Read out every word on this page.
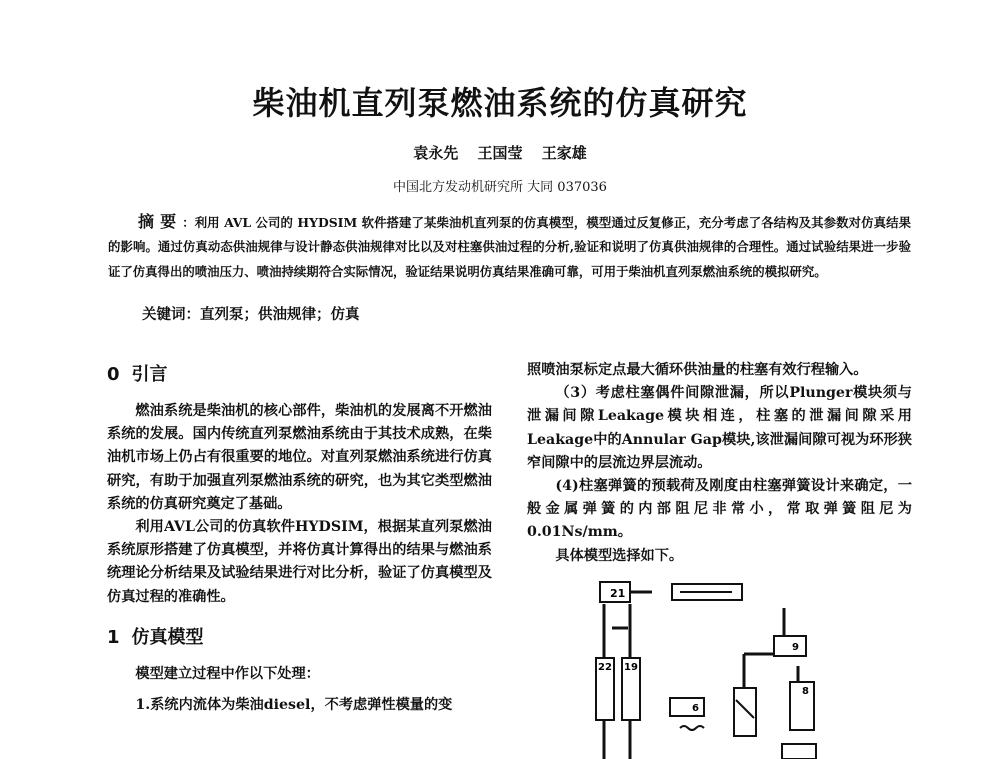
柴油机直列泵燃油系统的仿真研究
袁永先 王国莹 王家雄
中国北方发动机研究所 大同 037036

摘要：利用 AVL 公司的 HYDSIM 软件搭建了某柴油机直列泵的仿真模型，模型通过反复修正，充分考虑了各结构及其参数对仿真结果的影响。通过仿真动态供油规律与设计静态供油规律对比以及对柱塞供油过程的分析,验证和说明了仿真供油规律的合理性。通过试验结果进一步验证了仿真得出的喷油压力、喷油持续期符合实际情况，验证结果说明仿真结果准确可靠，可用于柴油机直列泵燃油系统的模拟研究。

关键词：直列泵；供油规律；仿真
0 引言

燃油系统是柴油机的核心部件，柴油机的发展离不开燃油系统的发展。国内传统直列泵燃油系统由于其技术成熟，在柴油机市场上仍占有很重要的地位。对直列泵燃油系统进行仿真研究，有助于加强直列泵燃油系统的研究，也为其它类型燃油系统的仿真研究奠定了基础。

利用AVL公司的仿真软件HYDSIM，根据某直列泵燃油系统原形搭建了仿真模型，并将仿真计算得出的结果与燃油系统理论分析结果及试验结果进行对比分析，验证了仿真模型及仿真过程的准确性。

1 仿真模型

模型建立过程中作以下处理：

1.系统内流体为柴油diesel，不考虑弹性模量的变

照喷油泵标定点最大循环供油量的柱塞有效行程输入。

（3）考虑柱塞偶件间隙泄漏，所以Plunger模块须与泄漏间隙Leakage模块相连，柱塞的泄漏间隙采用Leakage中的Annular Gap模块,该泄漏间隙可视为环形狭窄间隙中的层流边界层流动。

(4)柱塞弹簧的预载荷及刚度由柱塞弹簧设计来确定，一般金属弹簧的内部阻尼非常小，常取弹簧阻尼为0.01Ns/mm。

具体模型选择如下。

21
9
22 19
6
8
